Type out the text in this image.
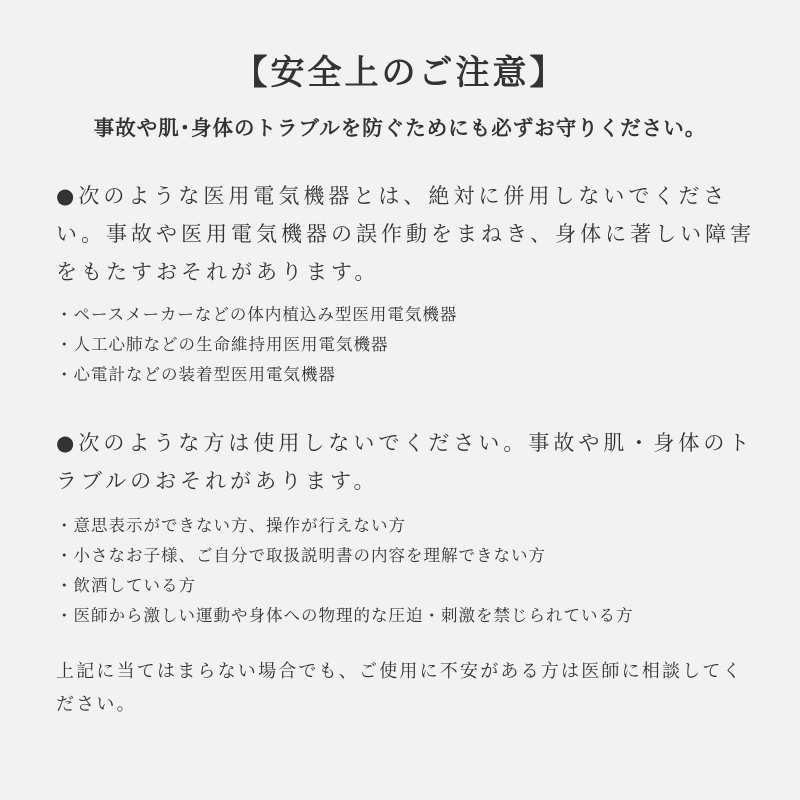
【安全上のご注意】
事故や肌･身体のトラブルを防ぐためにも必ずお守りください。
●次のような医用電気機器とは、絶対に併用しないでください。事故や医用電気機器の誤作動をまねき、身体に著しい障害をもたすおそれがあります。
・ペースメーカーなどの体内植込み型医用電気機器
・人工心肺などの生命維持用医用電気機器
・心電計などの装着型医用電気機器
●次のような方は使用しないでください。事故や肌・身体のトラブルのおそれがあります。
・意思表示ができない方、操作が行えない方
・小さなお子様、ご自分で取扱説明書の内容を理解できない方
・飲酒している方
・医師から激しい運動や身体への物理的な圧迫・刺激を禁じられている方
上記に当てはまらない場合でも、ご使用に不安がある方は医師に相談してください。
